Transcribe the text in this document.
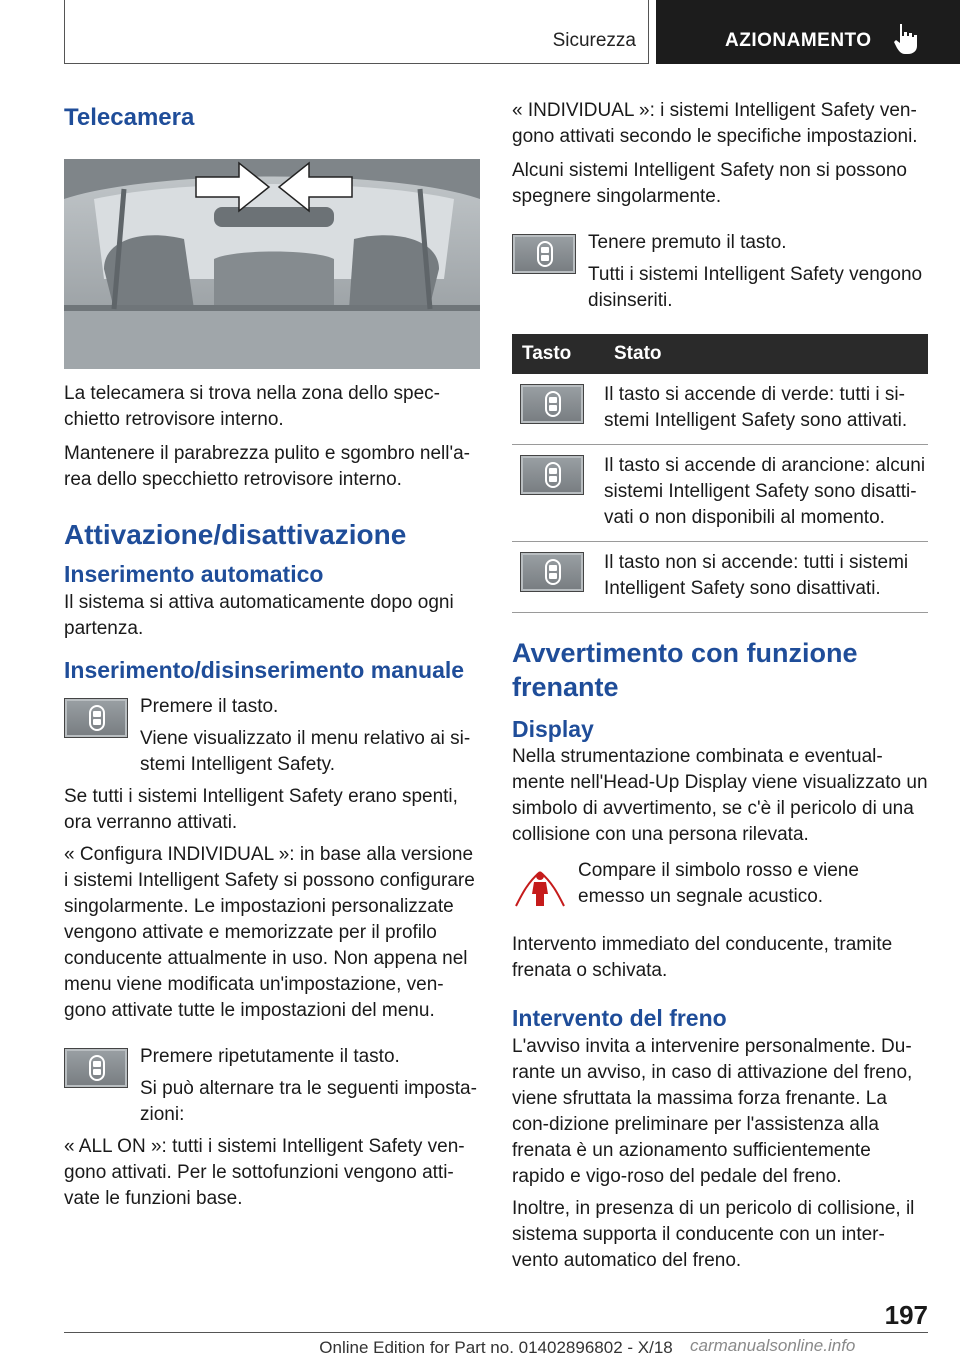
Sicurezza	AZIONAMENTO
Telecamera

La telecamera si trova nella zona dello spec-chietto retrovisore interno.

Mantenere il parabrezza pulito e sgombro nell'a-rea dello specchietto retrovisore interno.

Attivazione/disattivazione
Inserimento automatico

Il sistema si attiva automaticamente dopo ogni partenza.

Inserimento/disinserimento manuale

Premere il tasto.

Viene visualizzato il menu relativo ai si-stemi Intelligent Safety.

Se tutti i sistemi Intelligent Safety erano spenti, ora verranno attivati.

« Configura INDIVIDUAL »: in base alla versione i sistemi Intelligent Safety si possono configurare singolarmente. Le impostazioni personalizzate vengono attivate e memorizzate per il profilo conducente attualmente in uso. Non appena nel menu viene modificata un'impostazione, ven-gono attivate tutte le impostazioni del menu.

Premere ripetutamente il tasto.

Si può alternare tra le seguenti imposta-zioni:

« ALL ON »: tutti i sistemi Intelligent Safety ven-gono attivati. Per le sottofunzioni vengono atti-vate le funzioni base.

« INDIVIDUAL »: i sistemi Intelligent Safety ven-gono attivati secondo le specifiche impostazioni.

Alcuni sistemi Intelligent Safety non si possono spegnere singolarmente.

Tenere premuto il tasto.

Tutti i sistemi Intelligent Safety vengono disinseriti.

Tasto	Stato

	Il tasto si accende di verde: tutti i si-stemi Intelligent Safety sono attivati.

	Il tasto si accende di arancione: alcuni sistemi Intelligent Safety sono disatti-vati o non disponibili al momento.

	Il tasto non si accende: tutti i sistemi Intelligent Safety sono disattivati.
Avvertimento con funzione frenante
Display

Nella strumentazione combinata e eventual-mente nell'Head-Up Display viene visualizzato un simbolo di avvertimento, se c'è il pericolo di una collisione con una persona rilevata.

Compare il simbolo rosso e viene emesso un segnale acustico.

Intervento immediato del conducente, tramite frenata o schivata.

Intervento del freno

L'avviso invita a intervenire personalmente. Du-rante un avviso, in caso di attivazione del freno, viene sfruttata la massima forza frenante. La con-dizione preliminare per l'assistenza alla frenata è un azionamento sufficientemente rapido e vigo-roso del pedale del freno.

Inoltre, in presenza di un pericolo di collisione, il sistema supporta il conducente con un inter-vento automatico del freno.

197
Online Edition for Part no. 01402896802 - X/18	carmanualsonline.info
